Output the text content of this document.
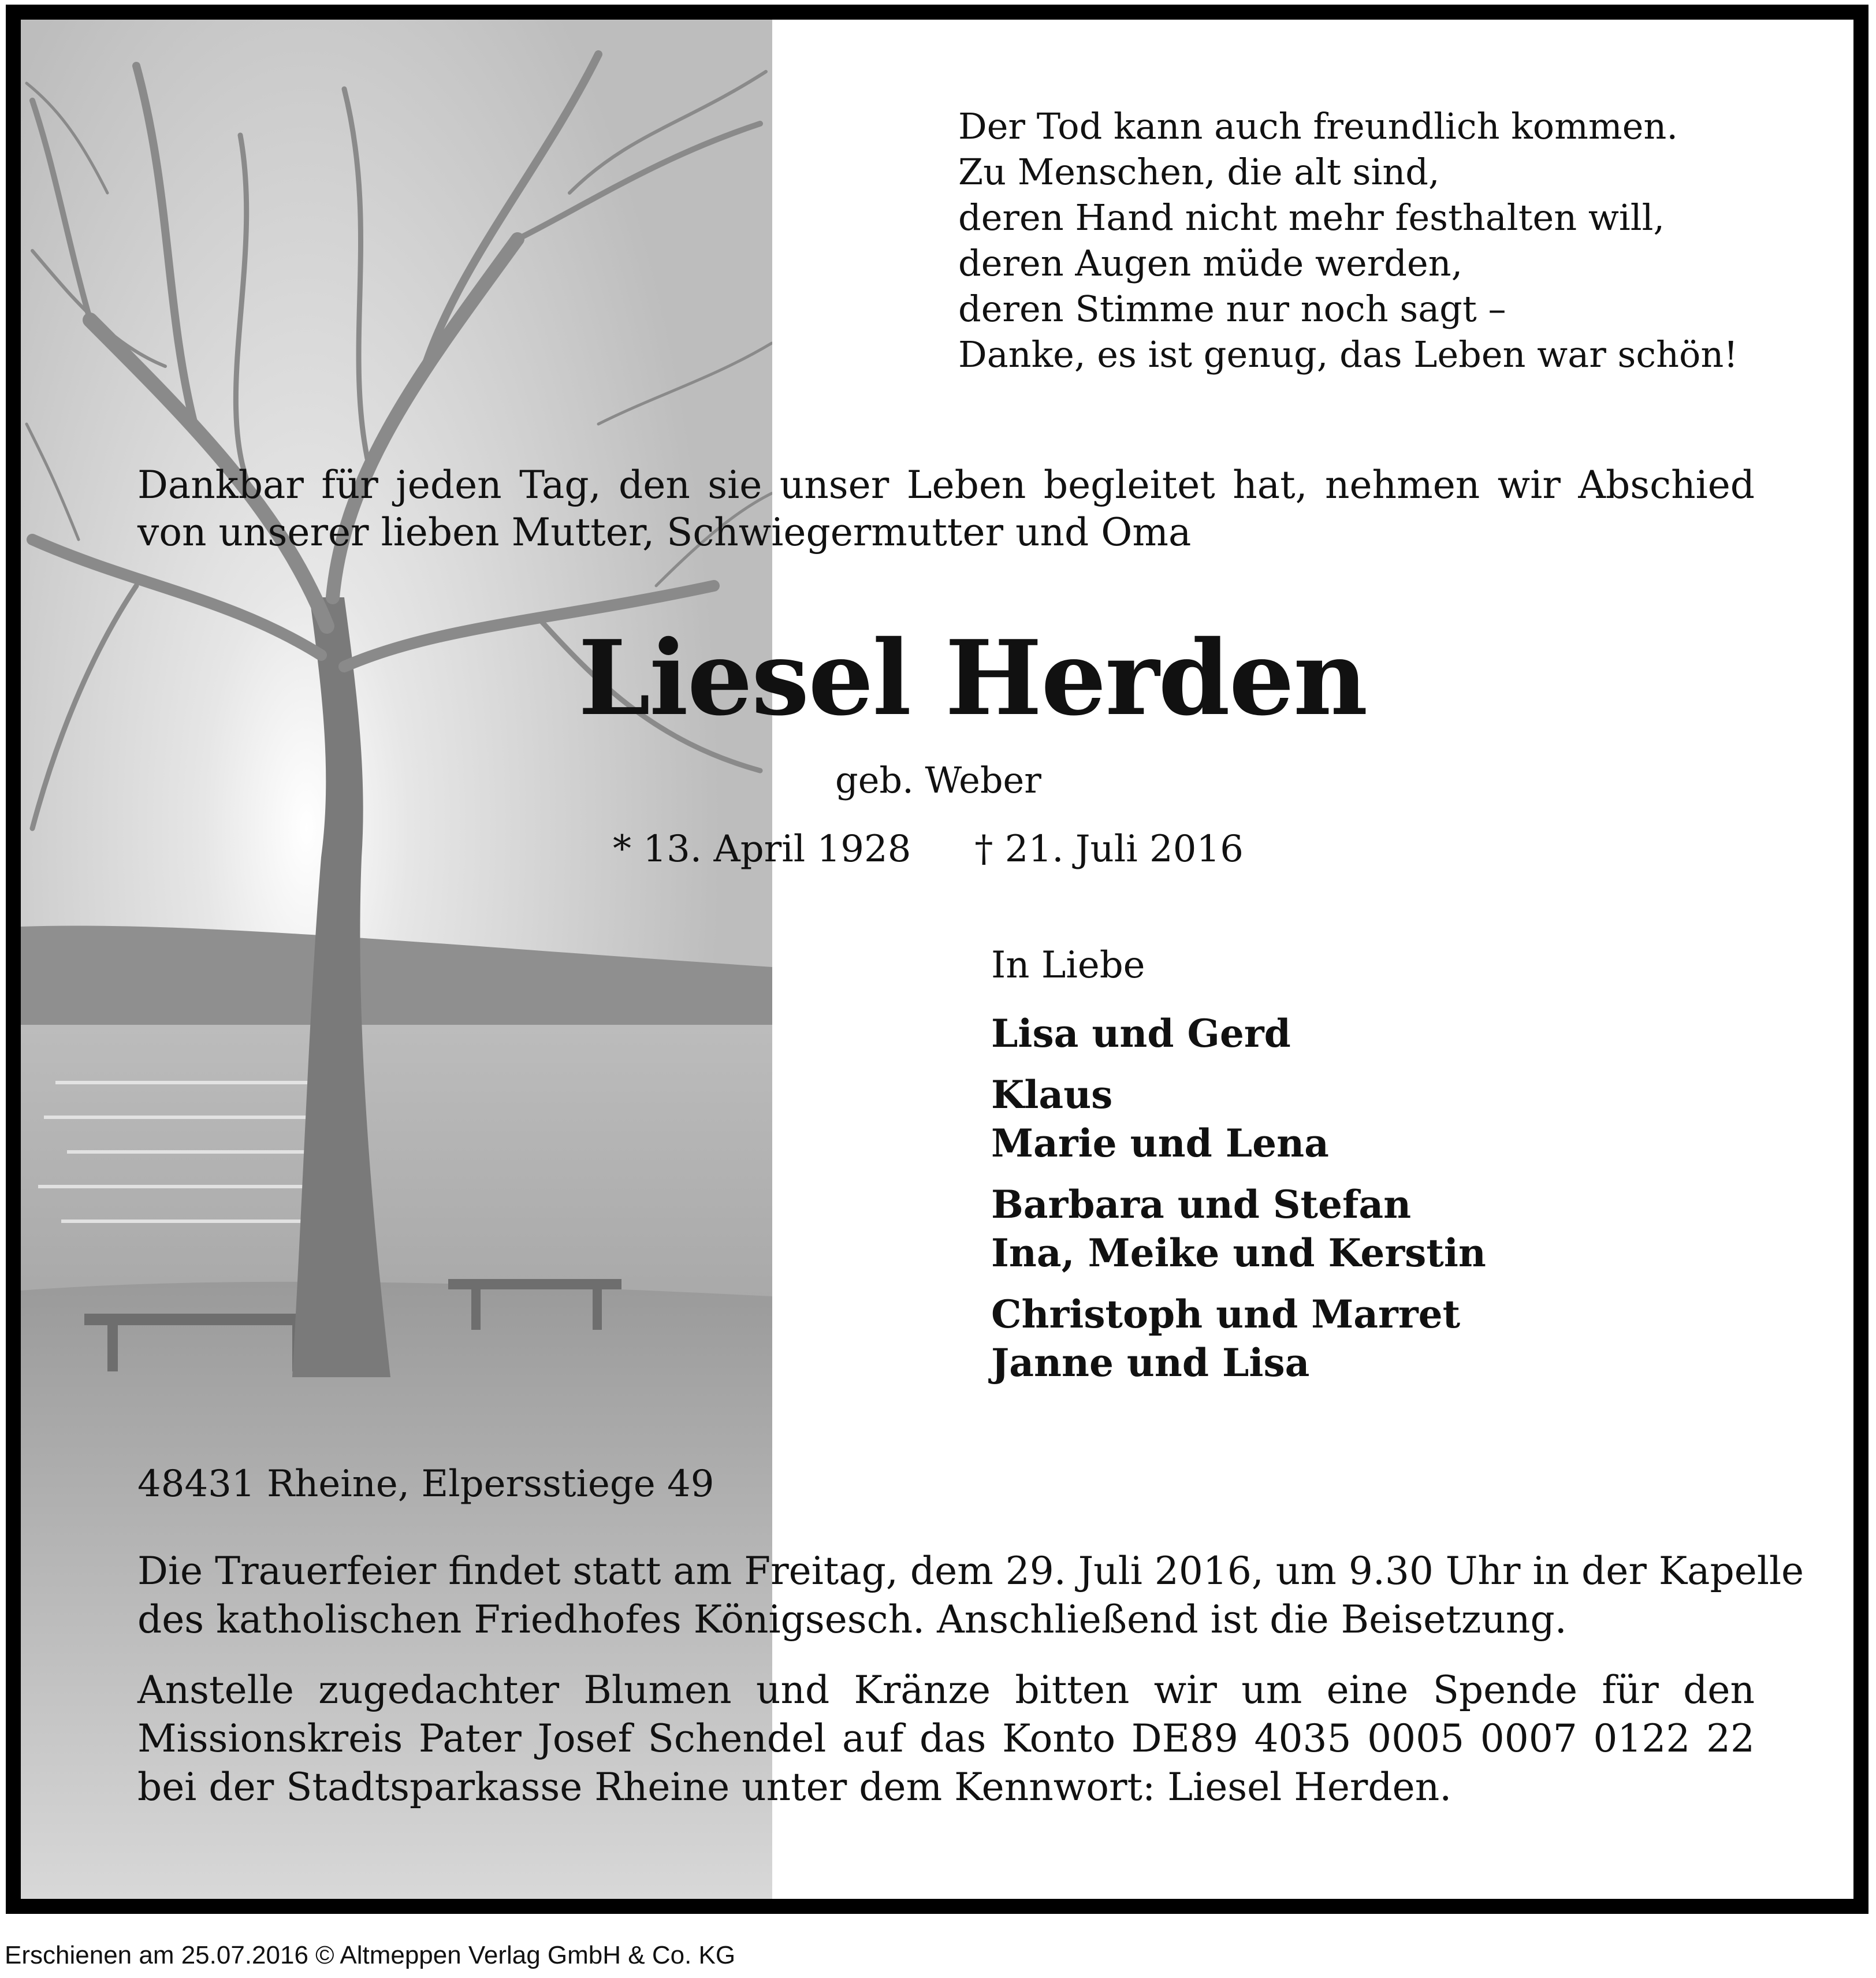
Der Tod kann auch freundlich kommen.
Zu Menschen, die alt sind,
deren Hand nicht mehr festhalten will,
deren Augen müde werden,
deren Stimme nur noch sagt –
Danke, es ist genug, das Leben war schön!
Dankbar für jeden Tag, den sie unser Leben begleitet hat, nehmen wir Abschied
von unserer lieben Mutter, Schwiegermutter und Oma
Liesel Herden
geb. Weber
* 13. April 1928 † 21. Juli 2016
In Liebe
Lisa und Gerd
Klaus
Marie und Lena
Barbara und Stefan
Ina, Meike und Kerstin
Christoph und Marret
Janne und Lisa
48431 Rheine, Elpersstiege 49
Die Trauerfeier findet statt am Freitag, dem 29. Juli 2016, um 9.30 Uhr in der Kapelle
des katholischen Friedhofes Königsesch. Anschließend ist die Beisetzung.
Anstelle zugedachter Blumen und Kränze bitten wir um eine Spende für den
Missionskreis Pater Josef Schendel auf das Konto DE89 4035 0005 0007 0122 22
bei der Stadtsparkasse Rheine unter dem Kennwort: Liesel Herden.
Erschienen am 25.07.2016 © Altmeppen Verlag GmbH & Co. KG
